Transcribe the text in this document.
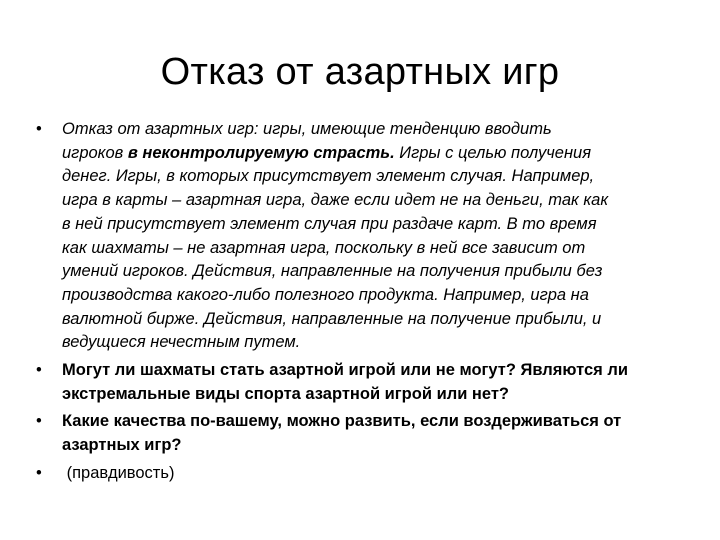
Отказ от азартных игр
•	Отказ от азартных игр: игры, имеющие тенденцию вводить
игроков в неконтролируемую страсть. Игры с целью получения
денег. Игры, в которых присутствует элемент случая. Например,
игра в карты – азартная игра, даже если идет не на деньги, так как
в ней присутствует элемент случая при раздаче карт. В то время
как шахматы – не азартная игра, поскольку в ней все зависит от
умений игроков. Действия, направленные на получения прибыли без
производства какого-либо полезного продукта. Например, игра на
валютной бирже. Действия, направленные на получение прибыли, и
ведущиеся нечестным путем.
•	Могут ли шахматы стать азартной игрой или не могут? Являются ли
экстремальные виды спорта азартной игрой или нет?
•	Какие качества по-вашему, можно развить, если воздерживаться от
азартных игр?
•	(правдивость)
